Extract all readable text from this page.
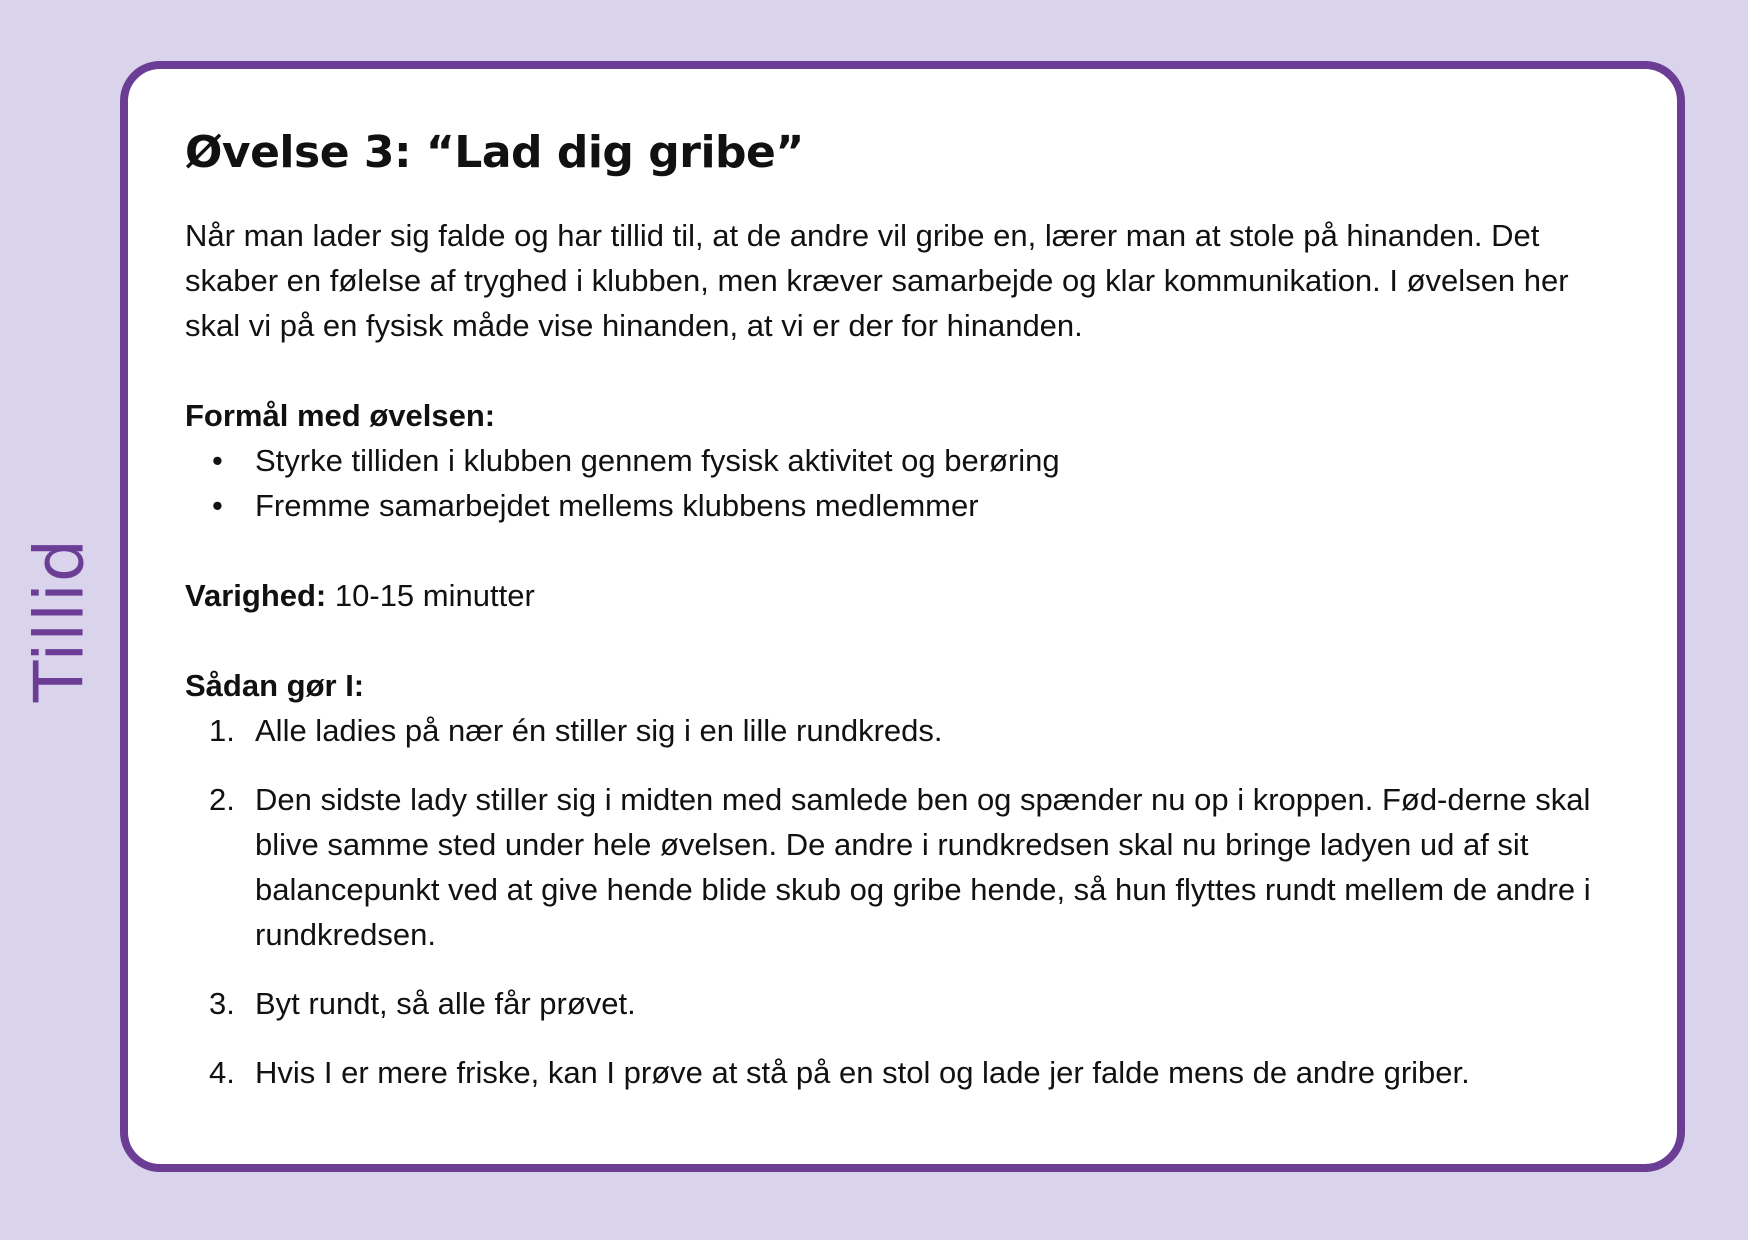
Tillid
Øvelse 3: “Lad dig gribe”

Når man lader sig falde og har tillid til, at de andre vil gribe en, lærer man at stole på hinanden. Det skaber en følelse af tryghed i klubben, men kræver samarbejde og klar kommunikation. I øvelsen her skal vi på en fysisk måde vise hinanden, at vi er der for hinanden.

Formål med øvelsen:
• Styrke tilliden i klubben gennem fysisk aktivitet og berøring
• Fremme samarbejdet mellems klubbens medlemmer
Varighed: 10-15 minutter
Sådan gør I:
1. Alle ladies på nær én stiller sig i en lille rundkreds.
2. Den sidste lady stiller sig i midten med samlede ben og spænder nu op i kroppen. Fød-derne skal blive samme sted under hele øvelsen. De andre i rundkredsen skal nu bringe ladyen ud af sit balancepunkt ved at give hende blide skub og gribe hende, så hun flyttes rundt mellem de andre i rundkredsen.
3. Byt rundt, så alle får prøvet.
4. Hvis I er mere friske, kan I prøve at stå på en stol og lade jer falde mens de andre griber.
